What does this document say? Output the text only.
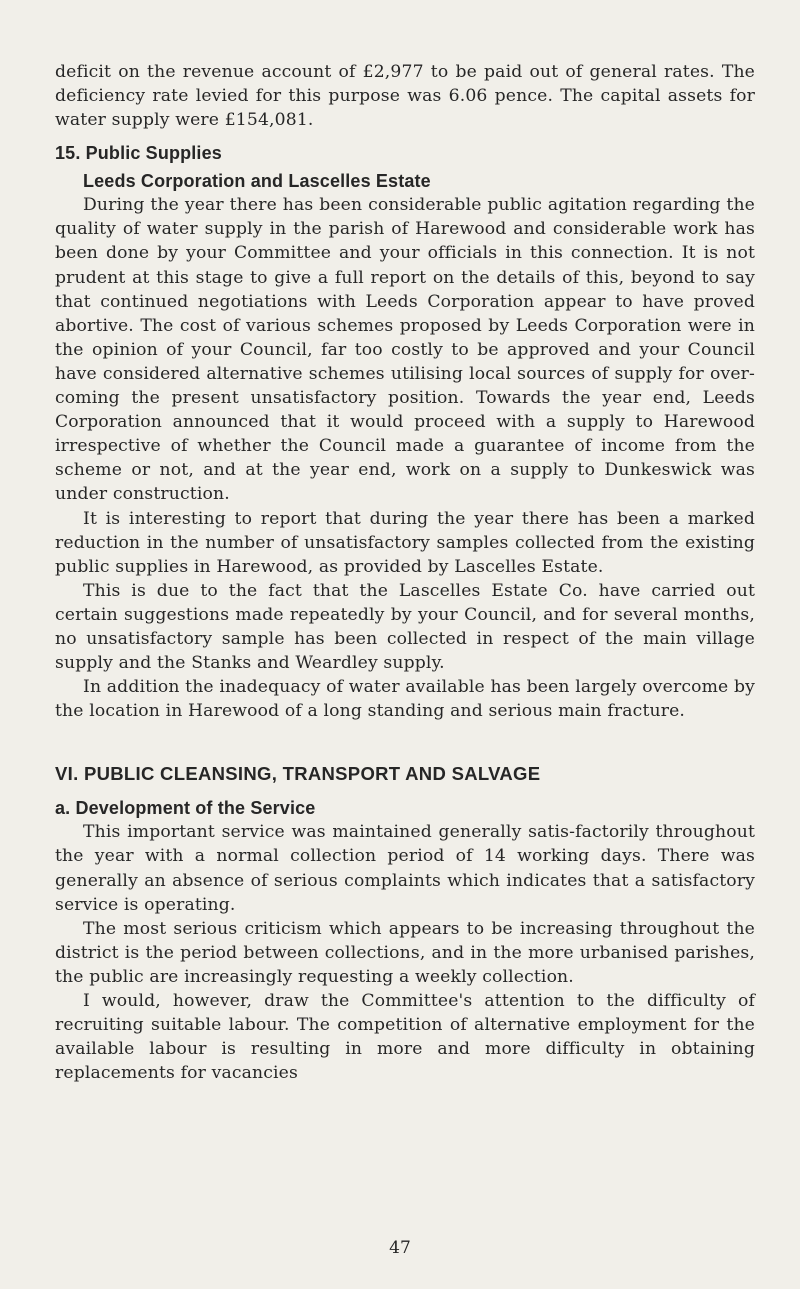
deficit on the revenue account of £2,977 to be paid out of general rates. The deficiency rate levied for this purpose was 6.06 pence. The capital assets for water supply were £154,081.

15. Public Supplies

Leeds Corporation and Lascelles Estate

During the year there has been considerable public agitation regarding the quality of water supply in the parish of Harewood and considerable work has been done by your Committee and your officials in this connection. It is not prudent at this stage to give a full report on the details of this, beyond to say that continued negotiations with Leeds Corporation appear to have proved abortive. The cost of various schemes proposed by Leeds Corporation were in the opinion of your Council, far too costly to be approved and your Council have considered alternative schemes utilising local sources of supply for over-coming the present unsatisfactory position. Towards the year end, Leeds Corporation announced that it would proceed with a supply to Harewood irrespective of whether the Council made a guarantee of income from the scheme or not, and at the year end, work on a supply to Dunkeswick was under construction.

It is interesting to report that during the year there has been a marked reduction in the number of unsatisfactory samples collected from the existing public supplies in Harewood, as provided by Lascelles Estate.

This is due to the fact that the Lascelles Estate Co. have carried out certain suggestions made repeatedly by your Council, and for several months, no unsatisfactory sample has been collected in respect of the main village supply and the Stanks and Weardley supply.

In addition the inadequacy of water available has been largely overcome by the location in Harewood of a long standing and serious main fracture.

VI. PUBLIC CLEANSING, TRANSPORT AND SALVAGE

a. Development of the Service

This important service was maintained generally satis-factorily throughout the year with a normal collection period of 14 working days. There was generally an absence of serious complaints which indicates that a satisfactory service is operating.

The most serious criticism which appears to be increasing throughout the district is the period between collections, and in the more urbanised parishes, the public are increasingly requesting a weekly collection.

I would, however, draw the Committee's attention to the difficulty of recruiting suitable labour. The competition of alternative employment for the available labour is resulting in more and more difficulty in obtaining replacements for vacancies

47
